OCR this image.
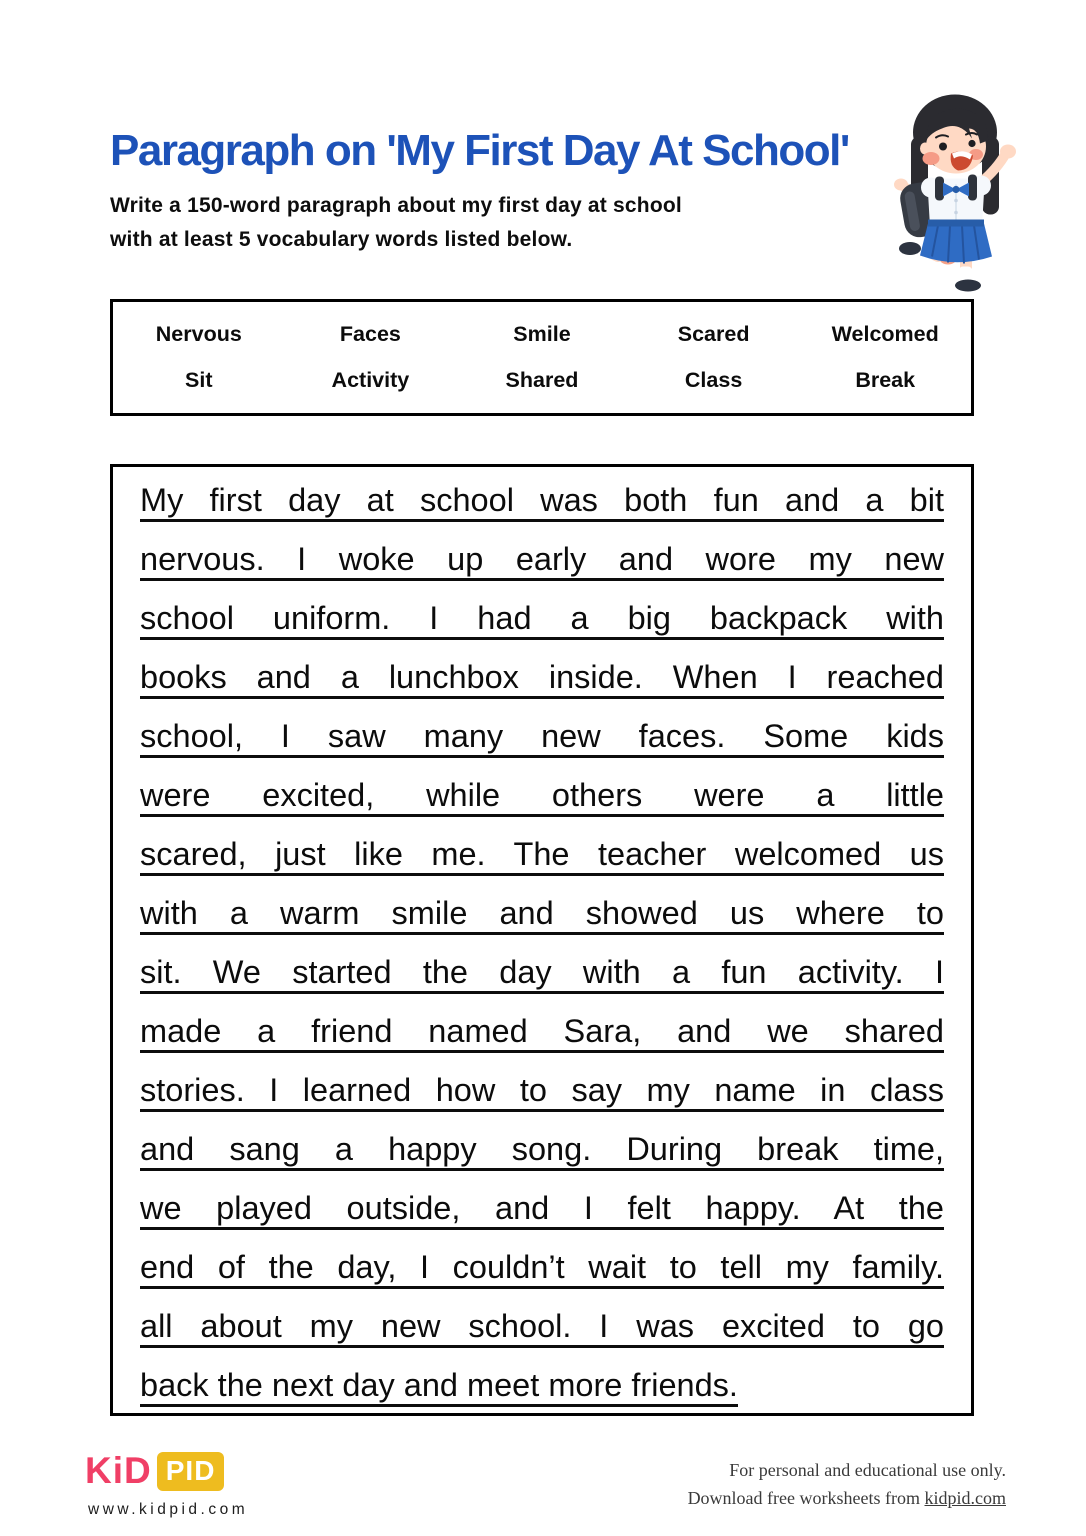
Paragraph on 'My First Day At School'

Write a 150-word paragraph about my first day at school

with at least 5 vocabulary words listed below.

Nervous	Faces	Smile	Scared	Welcomed
Sit	Activity	Shared	Class	Break
My first day at school was both fun and a bit
nervous. I woke up early and wore my new
school uniform. I had a big backpack with
books and a lunchbox inside. When I reached
school, I saw many new faces. Some kids
were excited, while others were a little
scared, just like me. The teacher welcomed us
with a warm smile and showed us where to
sit. We started the day with a fun activity. I
made a friend named Sara, and we shared
stories. I learned how to say my name in class
and sang a happy song. During break time,
we played outside, and I felt happy. At the
end of the day, I couldn’t wait to tell my family.
all about my new school. I was excited to go
back the next day and meet more friends.
KiD PID
www.kidpid.com
For personal and educational use only.
Download free worksheets from kidpid.com
